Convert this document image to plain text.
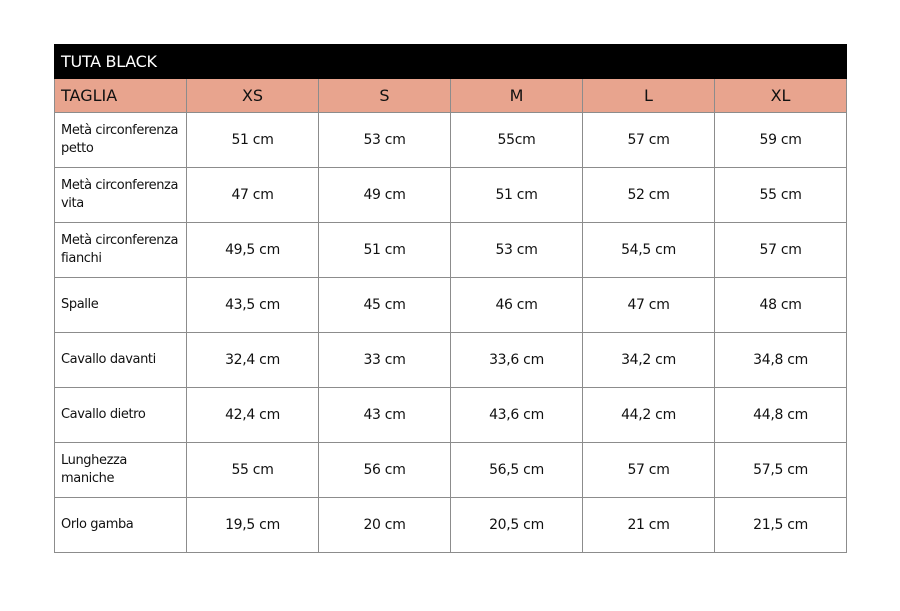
TUTA BLACK					
TAGLIA	XS	S	M	L	XL
Metà circonferenza petto	51 cm	53 cm	55cm	57 cm	59 cm
Metà circonferenza vita	47 cm	49 cm	51 cm	52 cm	55 cm
Metà circonferenza fianchi	49,5 cm	51 cm	53 cm	54,5 cm	57 cm
Spalle	43,5 cm	45 cm	46 cm	47 cm	48 cm
Cavallo davanti	32,4 cm	33 cm	33,6 cm	34,2 cm	34,8 cm
Cavallo dietro	42,4 cm	43 cm	43,6 cm	44,2 cm	44,8 cm
Lunghezza maniche	55 cm	56 cm	56,5 cm	57 cm	57,5 cm
Orlo gamba	19,5 cm	20 cm	20,5 cm	21 cm	21,5 cm
